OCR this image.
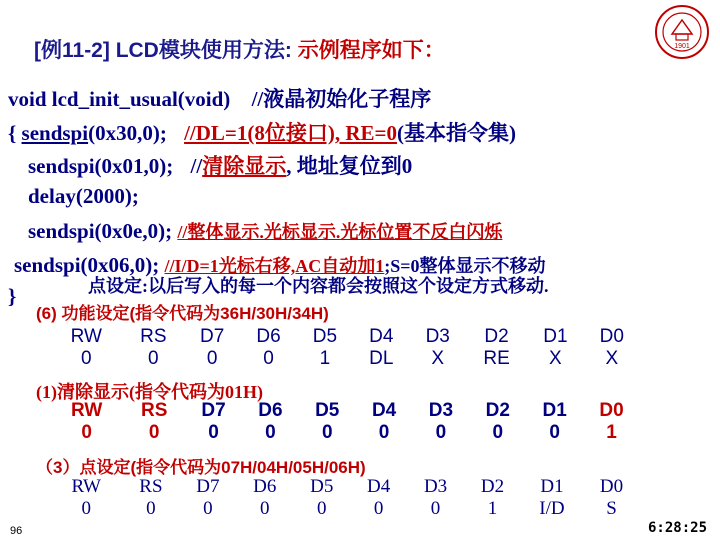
1901
[例11-2] LCD模块使用方法: 示例程序如下：
void lcd_init_usual(void) //液晶初始化子程序
{ sendspi(0x30,0); //DL=1(8位接口), RE=0(基本指令集)
sendspi(0x01,0); //清除显示, 地址复位到0
delay(2000);
sendspi(0x0e,0); //整体显示.光标显示.光标位置不反白闪烁
sendspi(0x06,0); //I/D=1光标右移,AC自动加1;S=0整体显示不移动
点设定:以后写入的每一个内容都会按照这个设定方式移动.
}
(6) 功能设定(指令代码为36H/30H/34H)
RW	RS	D7	D6	D5	D4	D3	D2	D1	D0
0	0	0	0	1	DL	X	RE	X	X
(1)清除显示(指令代码为01H)
RW	RS	D7	D6	D5	D4	D3	D2	D1	D0
0	0	0	0	0	0	0	0	0	1
（3）点设定(指令代码为07H/04H/05H/06H)
RW	RS	D7	D6	D5	D4	D3	D2	D1	D0
0	0	0	0	0	0	0	1	I/D	S
96	6:28:25
